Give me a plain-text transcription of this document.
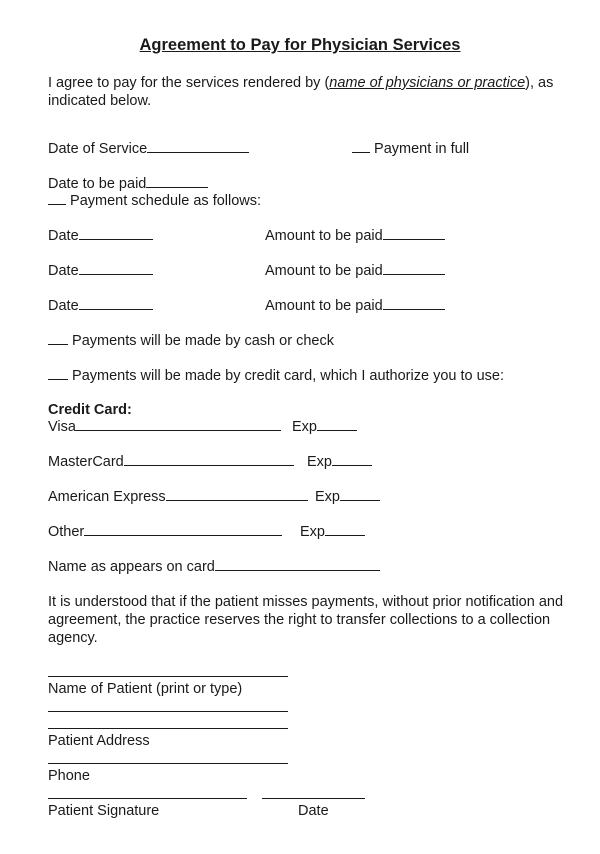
Agreement to Pay for Physician Services
I agree to pay for the services rendered by (name of physicians or practice), as indicated below.
Date of Service	Payment in full
Date to be paid
Payment schedule as follows:
Date	Amount to be paid
Date	Amount to be paid
Date	Amount to be paid
Payments will be made by cash or check
Payments will be made by credit card, which I authorize you to use:
Credit Card:
Visa	Exp
MasterCard	Exp
American Express	Exp
Other	Exp
Name as appears on card
It is understood that if the patient misses payments, without prior notification and agreement, the practice reserves the right to transfer collections to a collection agency.
Name of Patient (print or type)
Patient Address
Phone
Patient Signature	Date
